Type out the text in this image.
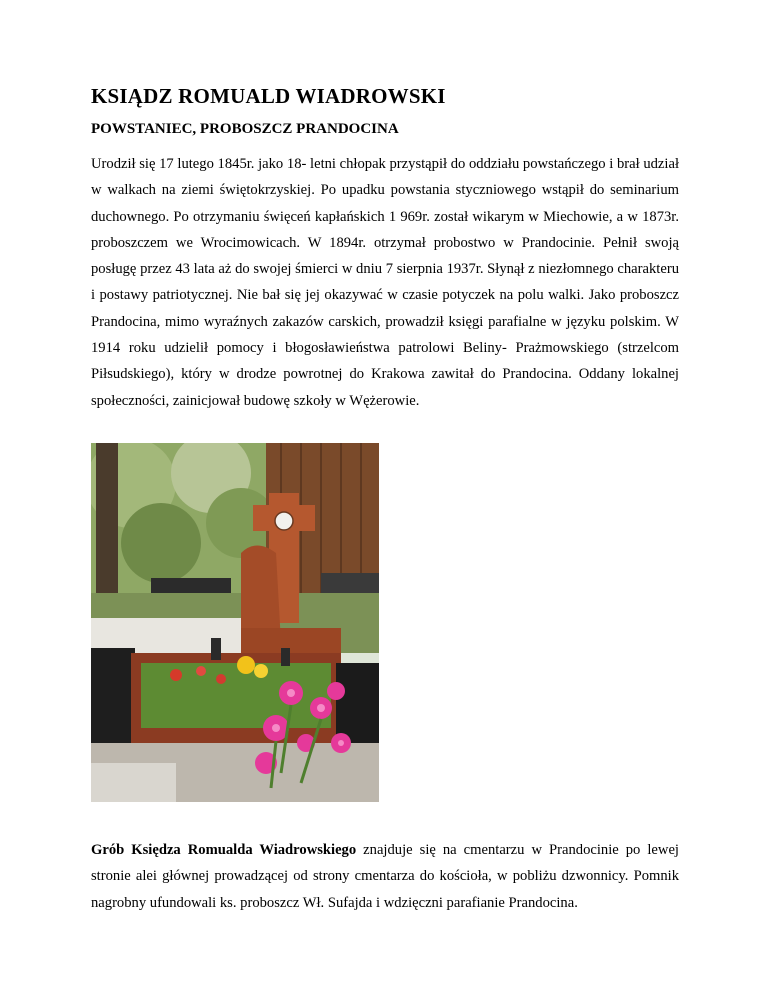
KSIĄDZ ROMUALD WIADROWSKI
POWSTANIEC, PROBOSZCZ PRANDOCINA

Urodził się 17 lutego 1845r. jako 18- letni chłopak przystąpił do oddziału powstańczego i brał udział w walkach na ziemi świętokrzyskiej. Po upadku powstania styczniowego wstąpił do seminarium duchownego. Po otrzymaniu święceń kapłańskich 1 969r. został wikarym w Miechowie, a w 1873r. proboszczem we Wrocimowicach. W 1894r. otrzymał probostwo w Prandocinie. Pełnił swoją posługę przez 43 lata aż do swojej śmierci w dniu 7 sierpnia 1937r. Słynął z niezłomnego charakteru i postawy patriotycznej. Nie bał się jej okazywać w czasie potyczek na polu walki. Jako proboszcz Prandocina, mimo wyraźnych zakazów carskich, prowadził księgi parafialne w języku polskim. W 1914 roku udzielił pomocy i błogosławieństwa patrolowi Beliny- Prażmowskiego (strzelcom Piłsudskiego), który w drodze powrotnej do Krakowa zawitał do Prandocina. Oddany lokalnej społeczności, zainicjował budowę szkoły w Wężerowie.

Grób Księdza Romualda Wiadrowskiego znajduje się na cmentarzu w Prandocinie po lewej stronie alei głównej prowadzącej od strony cmentarza do kościoła, w pobliżu dzwonnicy. Pomnik nagrobny ufundowali ks. proboszcz Wł. Sufajda i wdzięczni parafianie Prandocina.
